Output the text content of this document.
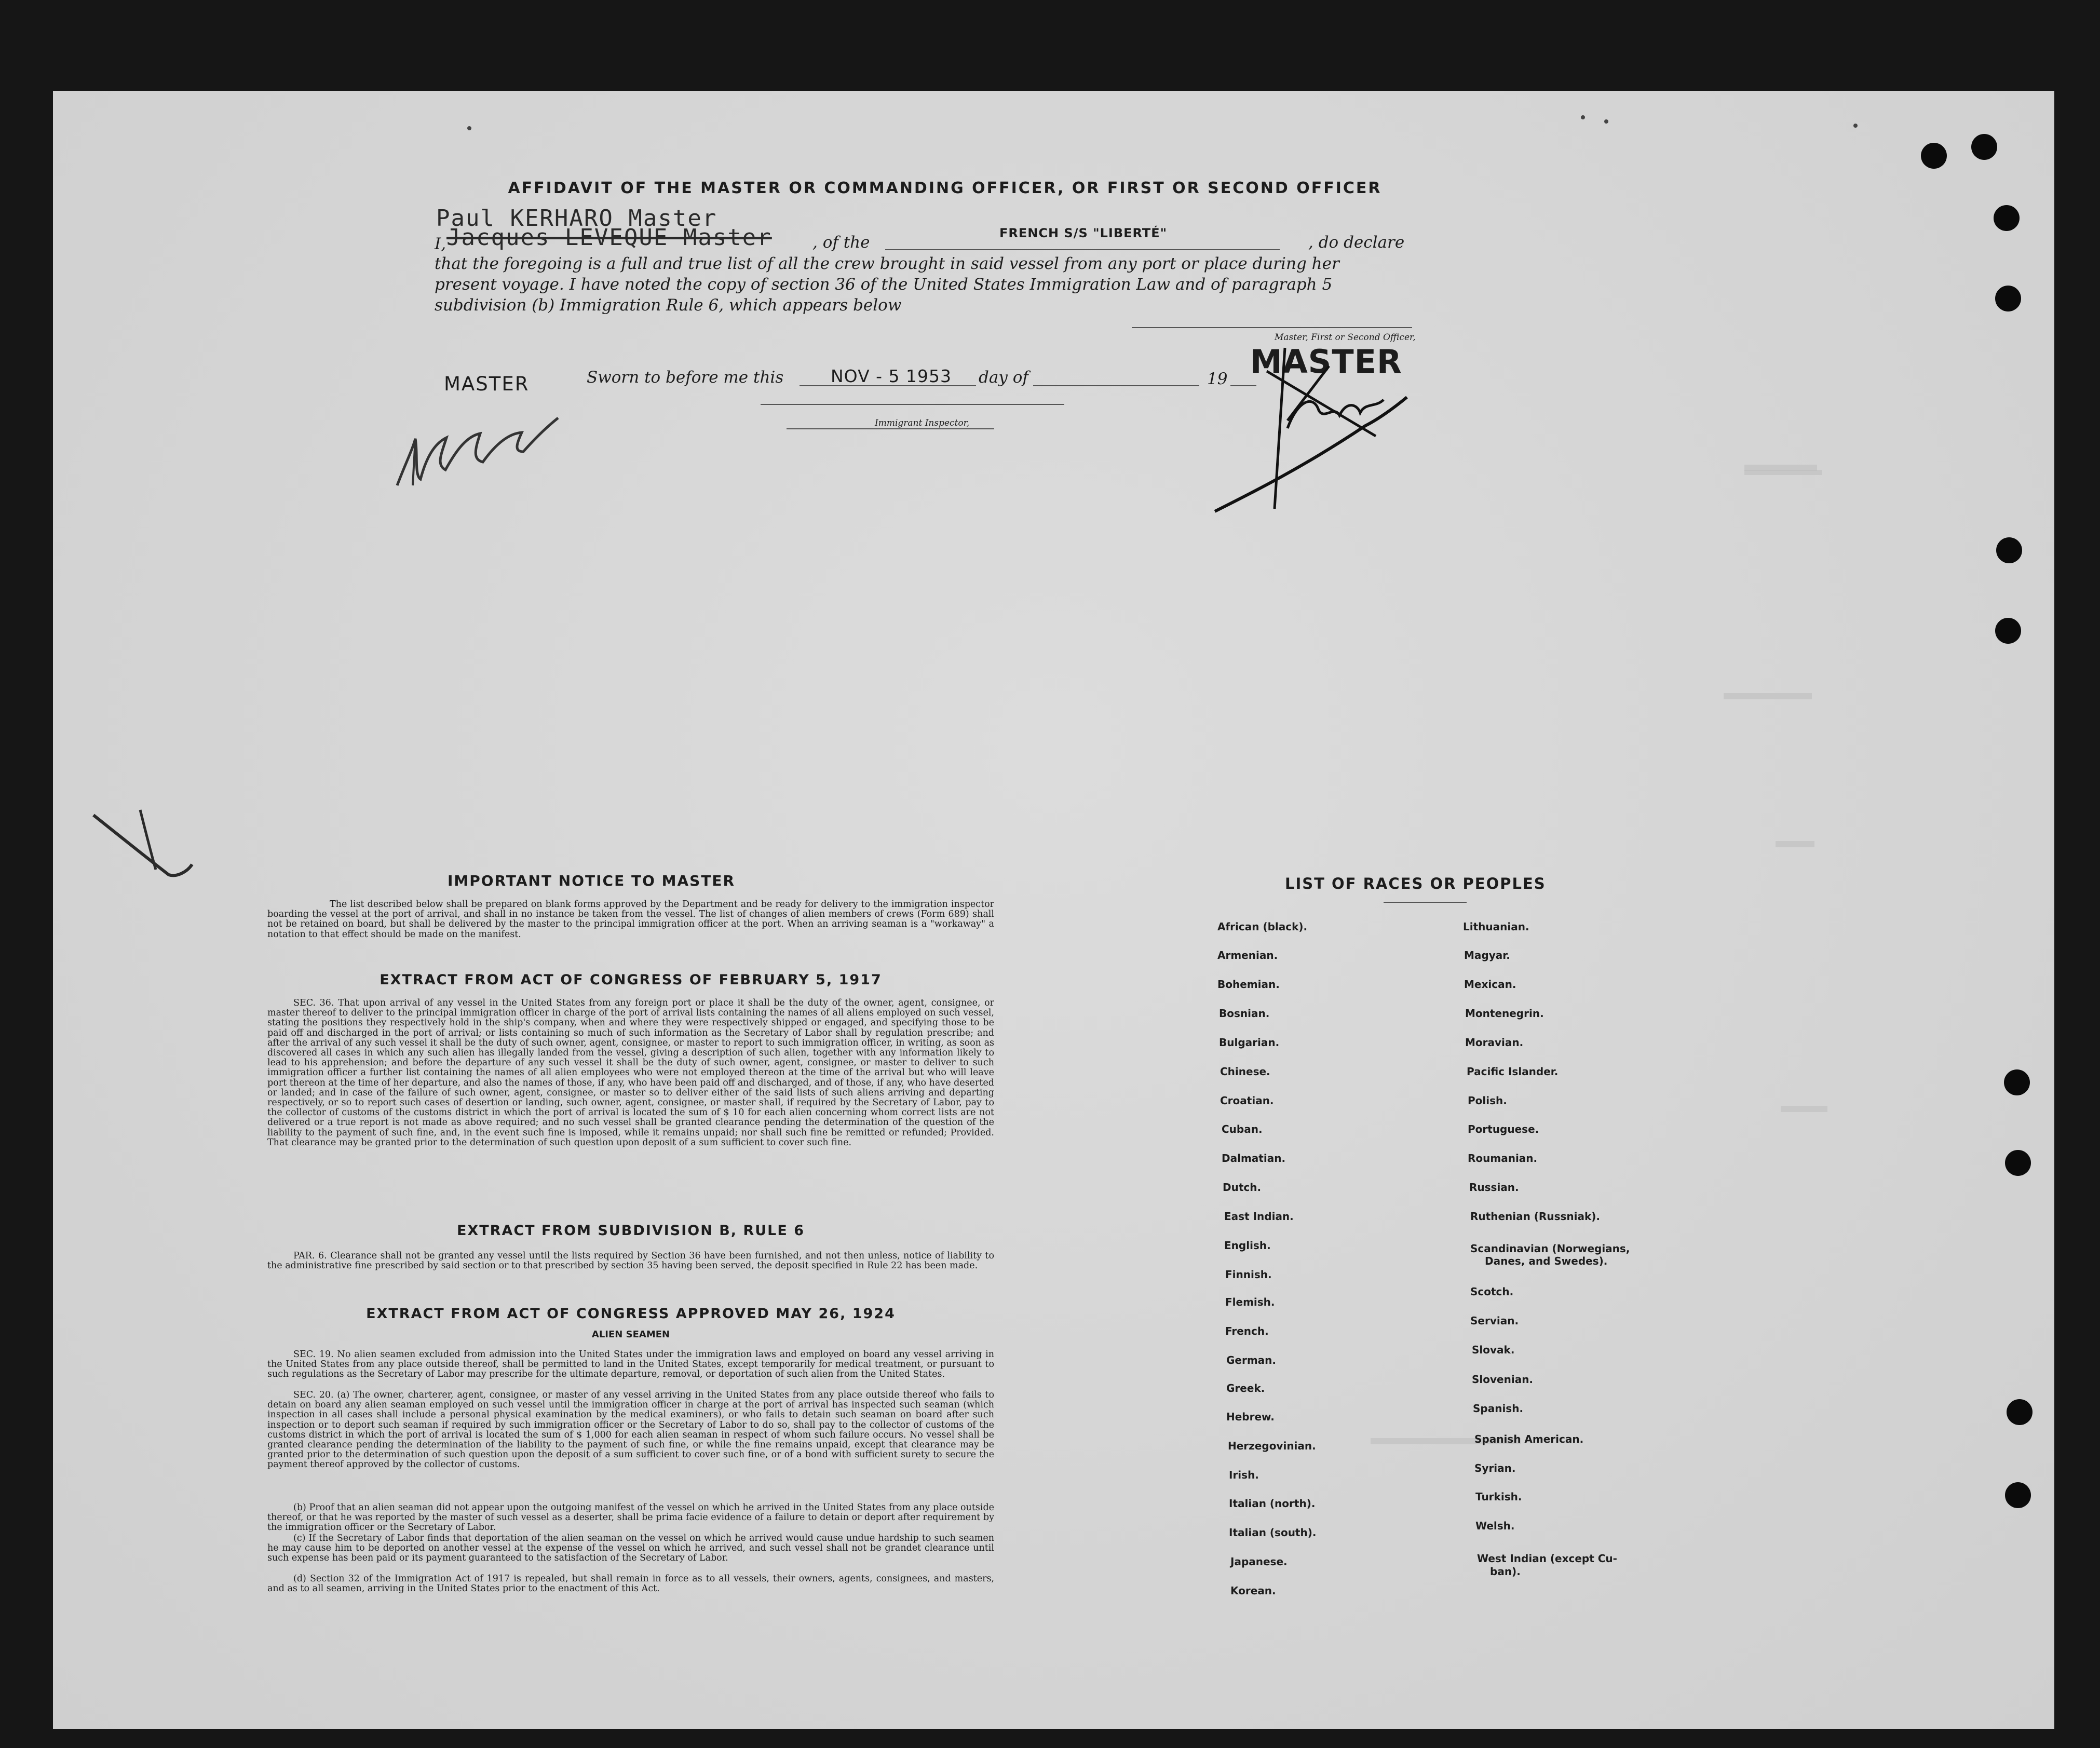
AFFIDAVIT OF THE MASTER OR COMMANDING OFFICER, OR FIRST OR SECOND OFFICER
Paul KERHARO Master
I, Jacques LEVEQUE Master	, of the	FRENCH S/S "LIBERTÉ"	, do declare
that the foregoing is a full and true list of all the crew brought in said vessel from any port or place during her
present voyage. I have noted the copy of section 36 of the United States Immigration Law and of paragraph 5
subdivision (b) Immigration Rule 6, which appears below
Master, First or Second Officer,
MASTER
MASTER	Sworn to before me this	NOV - 5 1953 day of	19
Immigrant Inspector,
IMPORTANT NOTICE TO MASTER
The list described below shall be prepared on blank forms approved by the Department and be ready for delivery to the immigration inspector boarding the vessel at the port of arrival, and shall in no instance be taken from the vessel. The list of changes of alien members of crews (Form 689) shall not be retained on board, but shall be delivered by the master to the principal immigration officer at the port. When an arriving seaman is a "workaway" a notation to that effect should be made on the manifest.
EXTRACT FROM ACT OF CONGRESS OF FEBRUARY 5, 1917
SEC. 36. That upon arrival of any vessel in the United States from any foreign port or place it shall be the duty of the owner, agent, consignee, or master thereof to deliver to the principal immigration officer in charge of the port of arrival lists containing the names of all aliens employed on such vessel, stating the positions they respectively hold in the ship's company, when and where they were respectively shipped or engaged, and specifying those to be paid off and discharged in the port of arrival; or lists containing so much of such information as the Secretary of Labor shall by regulation prescribe; and after the arrival of any such vessel it shall be the duty of such owner, agent, consignee, or master to report to such immigration officer, in writing, as soon as discovered all cases in which any such alien has illegally landed from the vessel, giving a description of such alien, together with any information likely to lead to his apprehension; and before the departure of any such vessel it shall be the duty of such owner, agent, consignee, or master to deliver to such immigration officer a further list containing the names of all alien employees who were not employed thereon at the time of the arrival but who will leave port thereon at the time of her departure, and also the names of those, if any, who have been paid off and discharged, and of those, if any, who have deserted or landed; and in case of the failure of such owner, agent, consignee, or master so to deliver either of the said lists of such aliens arriving and departing respectively, or so to report such cases of desertion or landing, such owner, agent, consignee, or master shall, if required by the Secretary of Labor, pay to the collector of customs of the customs district in which the port of arrival is located the sum of $ 10 for each alien concerning whom correct lists are not delivered or a true report is not made as above required; and no such vessel shall be granted clearance pending the determination of the question of the liability to the payment of such fine, and, in the event such fine is imposed, while it remains unpaid; nor shall such fine be remitted or refunded; Provided. That clearance may be granted prior to the determination of such question upon deposit of a sum sufficient to cover such fine.
EXTRACT FROM SUBDIVISION B, RULE 6
PAR. 6. Clearance shall not be granted any vessel until the lists required by Section 36 have been furnished, and not then unless, notice of liability to the administrative fine prescribed by said section or to that prescribed by section 35 having been served, the deposit specified in Rule 22 has been made.
EXTRACT FROM ACT OF CONGRESS APPROVED MAY 26, 1924
ALIEN SEAMEN
SEC. 19. No alien seamen excluded from admission into the United States under the immigration laws and employed on board any vessel arriving in the United States from any place outside thereof, shall be permitted to land in the United States, except temporarily for medical treatment, or pursuant to such regulations as the Secretary of Labor may prescribe for the ultimate departure, removal, or deportation of such alien from the United States.
SEC. 20. (a) The owner, charterer, agent, consignee, or master of any vessel arriving in the United States from any place outside thereof who fails to detain on board any alien seaman employed on such vessel until the immigration officer in charge at the port of arrival has inspected such seaman (which inspection in all cases shall include a personal physical examination by the medical examiners), or who fails to detain such seaman on board after such inspection or to deport such seaman if required by such immigration officer or the Secretary of Labor to do so, shall pay to the collector of customs of the customs district in which the port of arrival is located the sum of $ 1,000 for each alien seaman in respect of whom such failure occurs. No vessel shall be granted clearance pending the determination of the liability to the payment of such fine, or while the fine remains unpaid, except that clearance may be granted prior to the determination of such question upon the deposit of a sum sufficient to cover such fine, or of a bond with sufficient surety to secure the payment thereof approved by the collector of customs.
(b) Proof that an alien seaman did not appear upon the outgoing manifest of the vessel on which he arrived in the United States from any place outside thereof, or that he was reported by the master of such vessel as a deserter, shall be prima facie evidence of a failure to detain or deport after requirement by the immigration officer or the Secretary of Labor.
(c) If the Secretary of Labor finds that deportation of the alien seaman on the vessel on which he arrived would cause undue hardship to such seamen he may cause him to be deported on another vessel at the expense of the vessel on which he arrived, and such vessel shall not be grandet clearance until such expense has been paid or its payment guaranteed to the satisfaction of the Secretary of Labor.
(d) Section 32 of the Immigration Act of 1917 is repealed, but shall remain in force as to all vessels, their owners, agents, consignees, and masters, and as to all seamen, arriving in the United States prior to the enactment of this Act.
LIST OF RACES OR PEOPLES
African (black).
Armenian.
Bohemian.
Bosnian.
Bulgarian.
Chinese.
Croatian.
Cuban.
Dalmatian.
Dutch.
East Indian.
English.
Finnish.
Flemish.
French.
German.
Greek.
Hebrew.
Herzegovinian.
Irish.
Italian (north).
Italian (south).
Japanese.
Korean.
Lithuanian.
Magyar.
Mexican.
Montenegrin.
Moravian.
Pacific Islander.
Polish.
Portuguese.
Roumanian.
Russian.
Ruthenian (Russniak).
Scandinavian (Norwegians,
Danes, and Swedes).
Scotch.
Servian.
Slovak.
Slovenian.
Spanish.
Spanish American.
Syrian.
Turkish.
Welsh.
West Indian (except Cu-
ban).
